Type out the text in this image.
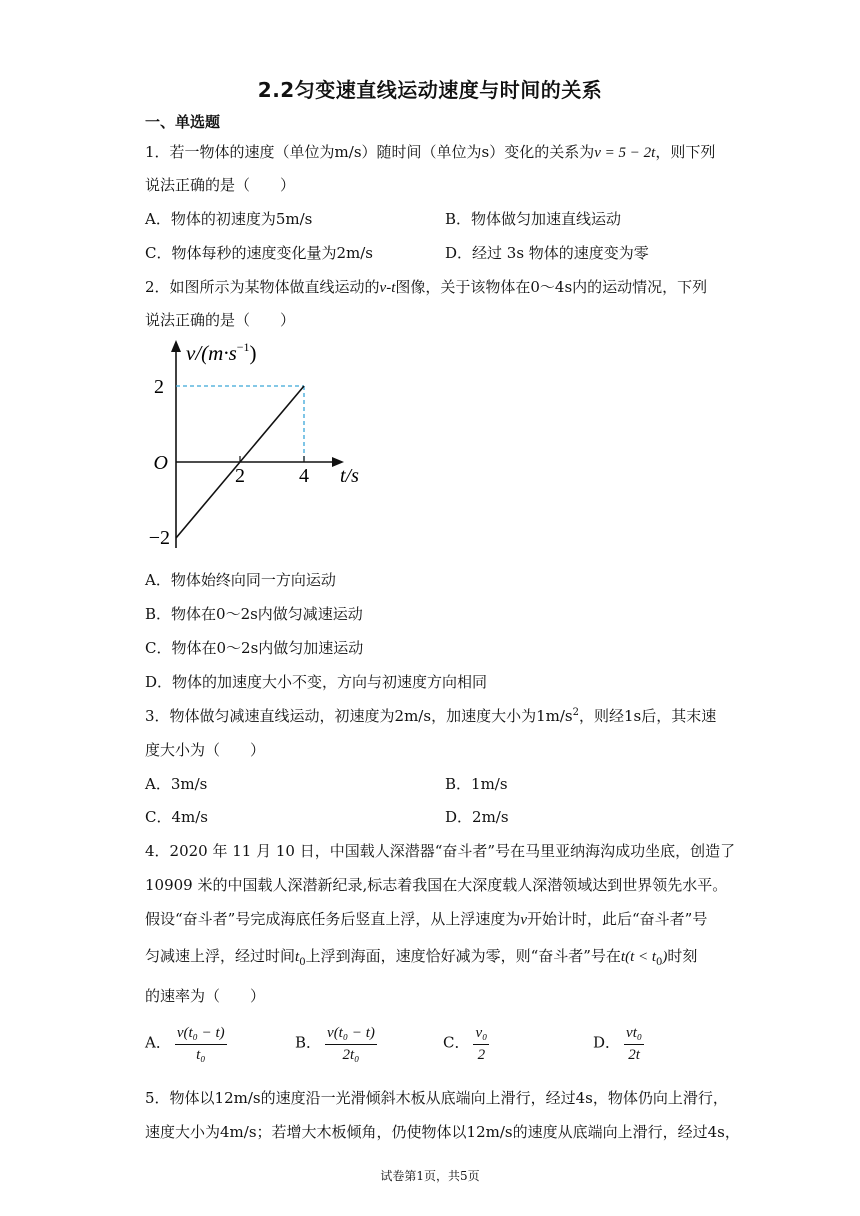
2.2匀变速直线运动速度与时间的关系
一、单选题
1．若一物体的速度（单位为m/s）随时间（单位为s）变化的关系为v = 5 − 2t，则下列
说法正确的是（　　）
A．物体的初速度为5m/s	B．物体做匀加速直线运动
C．物体每秒的速度变化量为2m/s	D．经过 3s 物体的速度变为零
2．如图所示为某物体做直线运动的v-t图像，关于该物体在0～4s内的运动情况，下列
说法正确的是（　　）
$v/(m\cdot s^{-1})$
2
O
2	4 t/s
−2
A．物体始终向同一方向运动
B．物体在0～2s内做匀减速运动
C．物体在0～2s内做匀加速运动
D．物体的加速度大小不变，方向与初速度方向相同
3．物体做匀减速直线运动，初速度为2m/s，加速度大小为$1m/s^2$，则经1s后，其末速
度大小为（　　）
A．3m/s	B．1m/s
C．4m/s	D．2m/s
4．2020 年 11 月 10 日，中国载人深潜器“奋斗者”号在马里亚纳海沟成功坐底，创造了
10909 米的中国载人深潜新纪录,标志着我国在大深度载人深潜领域达到世界领先水平。
假设“奋斗者”号完成海底任务后竖直上浮，从上浮速度为v开始计时，此后“奋斗者”号
匀减速上浮，经过时间$t_0$上浮到海面，速度恰好减为零，则“奋斗者”号在$t(t < t_0)$时刻
的速率为（　　）
A． $\frac{\text{v(t₀ − t)}}{\text{t₀}}$	B． $\frac{\text{v(t₀ − t)}}{\text{2t₀}}$	C． $\frac{\text{v₀}}{2}$	D． $\frac{\text{vt₀}}{2t}$
5．物体以12m/s的速度沿一光滑倾斜木板从底端向上滑行，经过4s，物体仍向上滑行，
速度大小为4m/s；若增大木板倾角，仍使物体以12m/s的速度从底端向上滑行，经过4s，
试卷第1页，共5页
